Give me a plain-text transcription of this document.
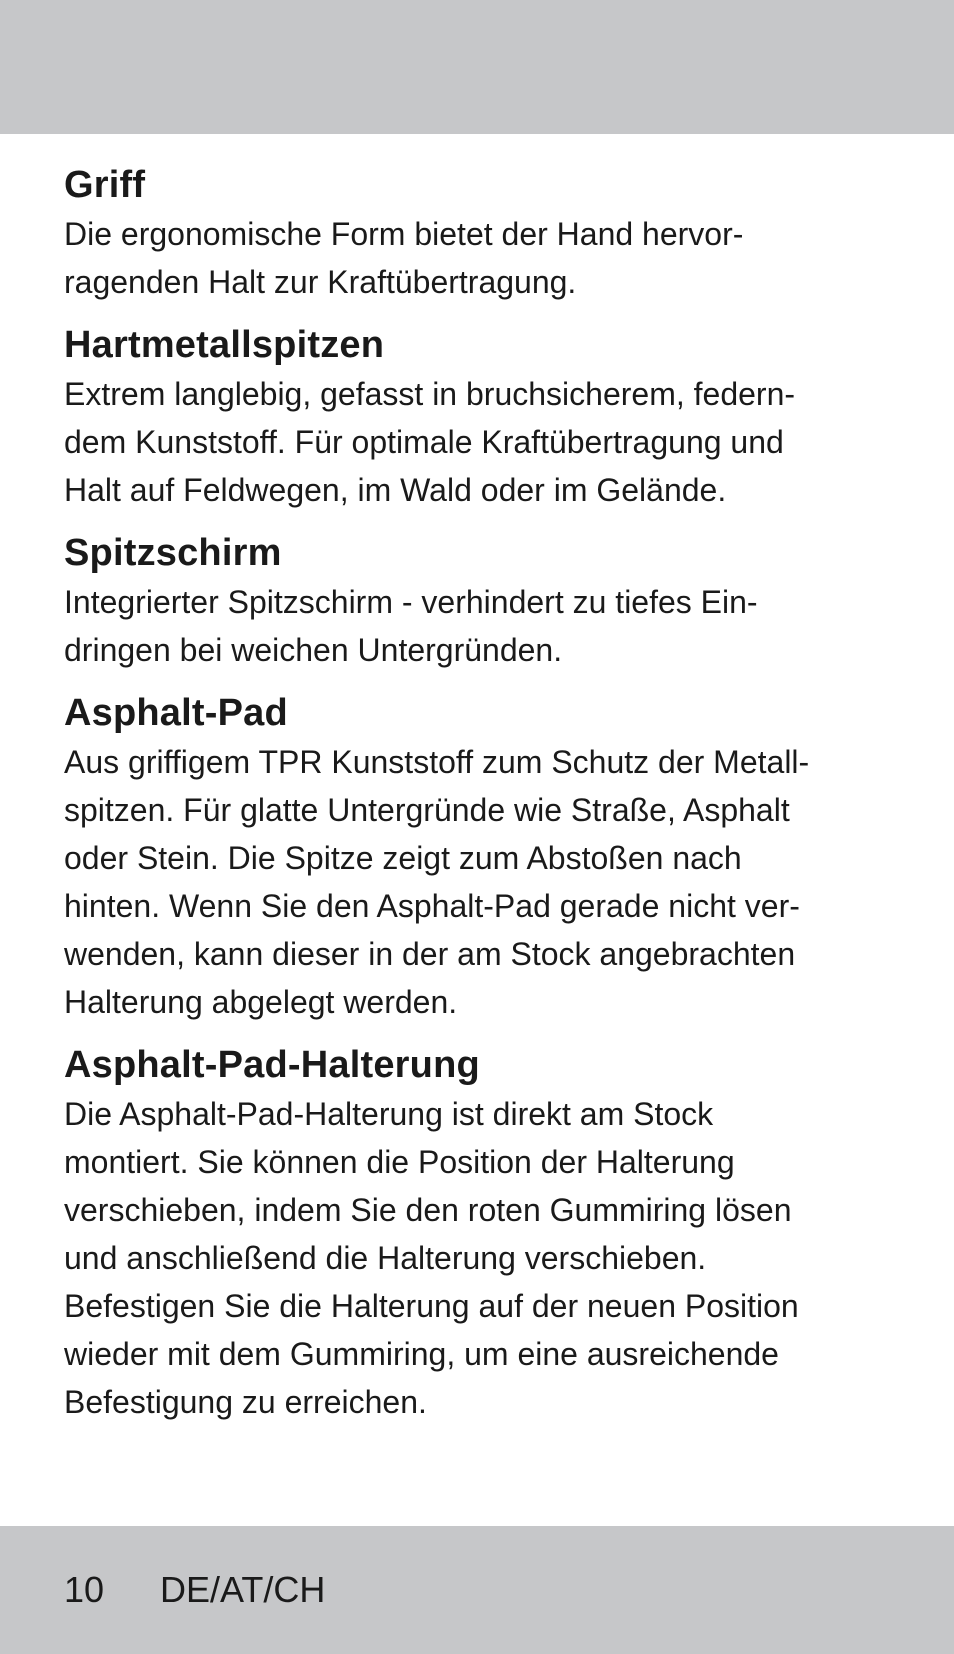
Griff

Die ergonomische Form bietet der Hand hervor-
ragenden Halt zur Kraftübertragung.

Hartmetallspitzen

Extrem langlebig, gefasst in bruchsicherem, federn-
dem Kunststoff. Für optimale Kraftübertragung und
Halt auf Feldwegen, im Wald oder im Gelände.

Spitzschirm

Integrierter Spitzschirm - verhindert zu tiefes Ein-
dringen bei weichen Untergründen.

Asphalt-Pad

Aus griffigem TPR Kunststoff zum Schutz der Metall-
spitzen. Für glatte Untergründe wie Straße, Asphalt
oder Stein. Die Spitze zeigt zum Abstoßen nach
hinten. Wenn Sie den Asphalt-Pad gerade nicht ver-
wenden, kann dieser in der am Stock angebrachten
Halterung abgelegt werden.

Asphalt-Pad-Halterung

Die Asphalt-Pad-Halterung ist direkt am Stock
montiert. Sie können die Position der Halterung
verschieben, indem Sie den roten Gummiring lösen
und anschließend die Halterung verschieben.
Befestigen Sie die Halterung auf der neuen Position
wieder mit dem Gummiring, um eine ausreichende
Befestigung zu erreichen.

10 DE/AT/CH
